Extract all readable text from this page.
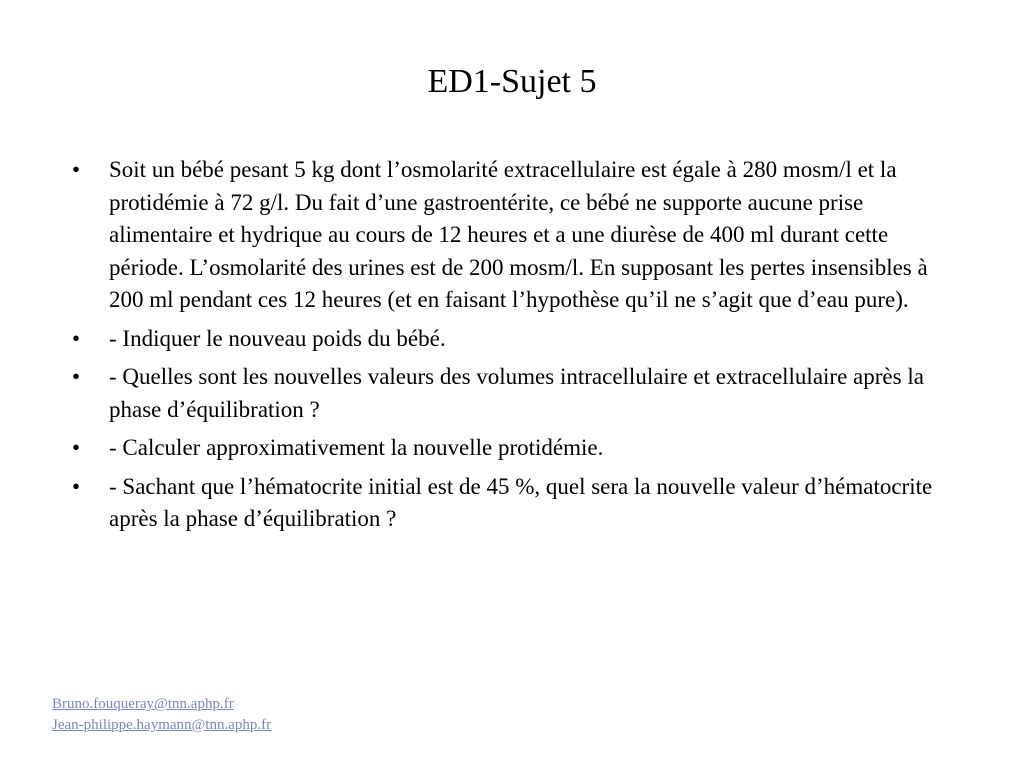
ED1-Sujet 5
•	Soit un bébé pesant 5 kg dont l’osmolarité extracellulaire est égale à 280 mosm/l et la protidémie à 72 g/l. Du fait d’une gastroentérite, ce bébé ne supporte aucune prise alimentaire et hydrique au cours de 12 heures et a une diurèse de 400 ml durant cette période. L’osmolarité des urines est de 200 mosm/l. En supposant les pertes insensibles à 200 ml pendant ces 12 heures (et en faisant l’hypothèse qu’il ne s’agit que d’eau pure).
•	- Indiquer le nouveau poids du bébé.
•	- Quelles sont les nouvelles valeurs des volumes intracellulaire et extracellulaire après la phase d’équilibration ?
•	- Calculer approximativement la nouvelle protidémie.
•	- Sachant que l’hématocrite initial est de 45 %, quel sera la nouvelle valeur d’hématocrite après la phase d’équilibration ?
Bruno.fouqueray@tnn.aphp.fr
Jean-philippe.haymann@tnn.aphp.fr
